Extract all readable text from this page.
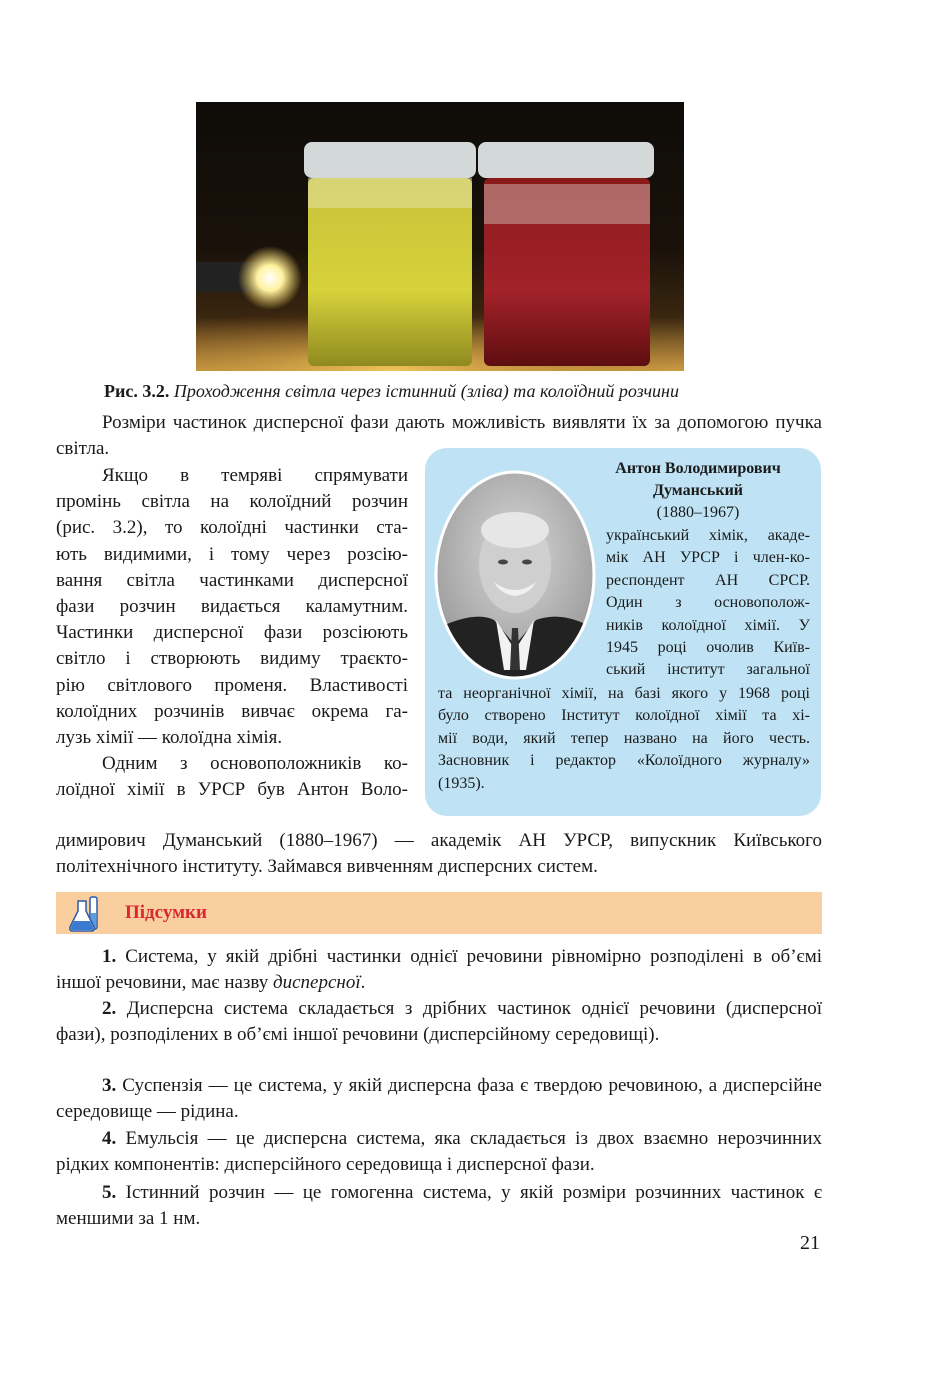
Рис. 3.2. Проходження світла через істинний (зліва) та колоїдний розчини

Розміри частинок дисперсної фази дають можливість виявляти їх за допомогою пучка світла.

Якщо в темряві спрямувати
промінь світла на колоїдний розчин
(рис. 3.2), то колоїдні частинки ста-
ють видимими, і тому через розсію-
вання світла частинками дисперсної
фази розчин видається каламутним.
Частинки дисперсної фази розсіюють
світло і створюють видиму траєкто-
рію світлового променя. Властивості
колоїдних розчинів вивчає окрема га-
лузь хімії — колоїдна хімія.
Одним з основоположників ко-
лоїдної хімії в УРСР був Антон Воло-
Антон Володимирович
Думанський
(1880–1967)
український хімік, акаде-
мік АН УРСР і член-ко-
респондент АН СРСР.
Один з основополож-
ників колоїдної хімії. У
1945 році очолив Київ-
ський інститут загальної
та неорганічної хімії, на базі якого у 1968 році
було створено Інститут колоїдної хімії та хі-
мії води, який тепер названо на його честь.
Засновник і редактор «Колоїдного журналу»
(1935).

димирович Думанський (1880–1967) — академік АН УРСР, випускник Київського політехнічного інституту. Займався вивченням дисперсних систем.

Підсумки

1. Система, у якій дрібні частинки однієї речовини рівномірно розподілені в об’ємі іншої речовини, має назву дисперсної.

2. Дисперсна система складається з дрібних частинок однієї речовини (дисперсної фази), розподілених в об’ємі іншої речовини (дисперсійному середовищі).

3. Суспензія — це система, у якій дисперсна фаза є твердою речовиною, а дисперсійне середовище — рідина.

4. Емульсія — це дисперсна система, яка складається із двох взаємно нерозчинних рідких компонентів: дисперсійного середовища і дисперсної фази.

5. Істинний розчин — це гомогенна система, у якій розміри розчинних частинок є меншими за 1 нм.

21
